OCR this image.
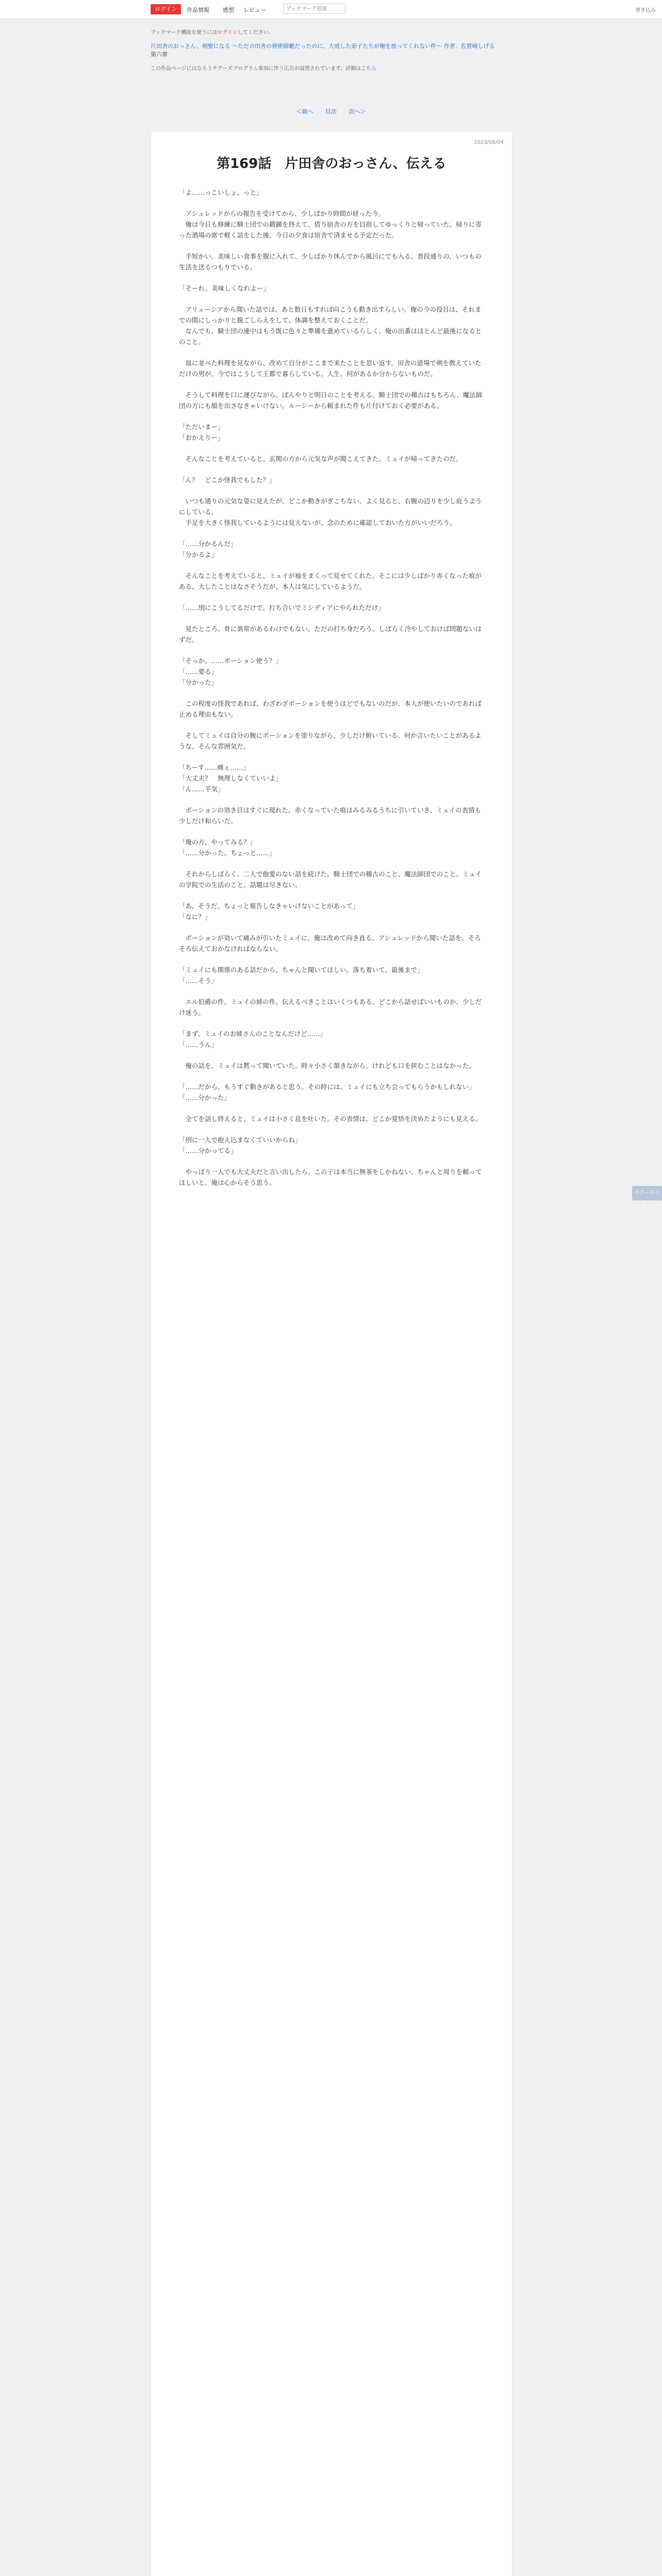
ログイン	作品情報 感想 レビュー
ブックマーク追加	書き込み
ブックマーク機能を使うにはログインしてください。
片田舎のおっさん、剣聖になる ～ただの田舎の剣術師範だったのに、大成した弟子たちが俺を放ってくれない件～ 作者：佐賀崎しげる
第六章
この作品ページにはなろうチアーズプログラム参加に伴う広告が設置されています。詳細はこちら
＜前へ 目次 次へ＞
2023/08/04
第169話　片田舎のおっさん、伝える

「よ……っこいしょ、っと」

　アシュレッドからの報告を受けてから、少しばかり時間が経った今。
　俺は今日も修練に騎士団での鍛錬を終えて、借り宿舎の方を目指してゆっくりと帰っていた。帰りに寄った酒場の席で軽く話をした後、今日の夕食は宿舎で済ませる予定だった。

　手短かい、美味しい食事を腹に入れて、少しばかり休んでから風呂にでも入る。普段通りの、いつもの生活を送るつもりでいる。

「そーれ、美味しくなれよー」

　アリューシアから聞いた話では、あと数日もすれば向こうも動き出すらしい。俺の今の役目は、それまでの間にしっかりと腹ごしらえをして、体調を整えておくことだ。
　なんでも、騎士団の連中はもう既に色々と準備を進めているらしく、俺の出番はほとんど最後になるとのこと。

　皿に並べた料理を見ながら、改めて自分がここまで来たことを思い返す。田舎の道場で剣を教えていただけの男が、今ではこうして王都で暮らしている。人生、何があるか分からないものだ。

　そうして料理を口に運びながら、ぼんやりと明日のことを考える。騎士団での稽古はもちろん、魔法師団の方にも顔を出さなきゃいけない。ルーシーから頼まれた件も片付けておく必要がある。

「ただいまー」
「おかえりー」

　そんなことを考えていると、玄関の方から元気な声が聞こえてきた。ミュイが帰ってきたのだ。

「ん？　どこか怪我でもした？」

　いつも通りの元気な姿に見えたが、どこか動きがぎこちない。よく見ると、右腕の辺りを少し庇うようにしている。
　手足を大きく怪我しているようには見えないが、念のために確認しておいた方がいいだろう。

「……分かるんだ」
「分かるよ」

　そんなことを考えていると、ミュイが袖をまくって見せてくれた。そこには少しばかり赤くなった痕がある。大したことはなさそうだが、本人は気にしているようだ。

「……別にこうしてるだけで、打ち合いでミシディアにやられただけ」

　見たところ、骨に異常があるわけでもない。ただの打ち身だろう。しばらく冷やしておけば問題ないはずだ。

「そっか。……ポーション使う？」
「……要る」
「分かった」

　この程度の怪我であれば、わざわざポーションを使うほどでもないのだが、本人が使いたいのであれば止める理由もない。

　そしてミュイは自分の腕にポーションを塗りながら、少しだけ俯いている。何か言いたいことがあるような、そんな雰囲気だ。

「ちーす……痛ぇ……」
「大丈夫？　無理しなくていいよ」
「ん……平気」

　ポーションの効き目はすぐに現れた。赤くなっていた痕はみるみるうちに引いていき、ミュイの表情も少しだけ和らいだ。

「俺の方、やってみる？」
「……分かった。ちょっと……」

　それからしばらく、二人で他愛のない話を続けた。騎士団での稽古のこと、魔法師団でのこと、ミュイの学院での生活のこと。話題は尽きない。

「あ、そうだ。ちょっと報告しなきゃいけないことがあって」
「なに？」

　ポーションが効いて痛みが引いたミュイに、俺は改めて向き直る。アシュレッドから聞いた話を、そろそろ伝えておかなければならない。

「ミュイにも関係のある話だから、ちゃんと聞いてほしい。落ち着いて、最後まで」
「……そう」

　エル伯爵の件、ミュイの姉の件。伝えるべきことはいくつもある。どこから話せばいいものか、少しだけ迷う。

「まず、ミュイのお姉さんのことなんだけど……」
「……うん」

　俺の話を、ミュイは黙って聞いていた。時々小さく頷きながら、けれども口を挟むことはなかった。

「……だから、もうすぐ動きがあると思う。その時には、ミュイにも立ち会ってもらうかもしれない」
「……分かった」

　全てを話し終えると、ミュイは小さく息を吐いた。その表情は、どこか覚悟を決めたようにも見える。

「別に一人で抱え込まなくていいからね」
「……分かってる」

　やっぱり一人でも大丈夫だと言い出したら、この子は本当に無茶をしかねない。ちゃんと周りを頼ってほしいと、俺は心からそう思う。

チアーズコイン
